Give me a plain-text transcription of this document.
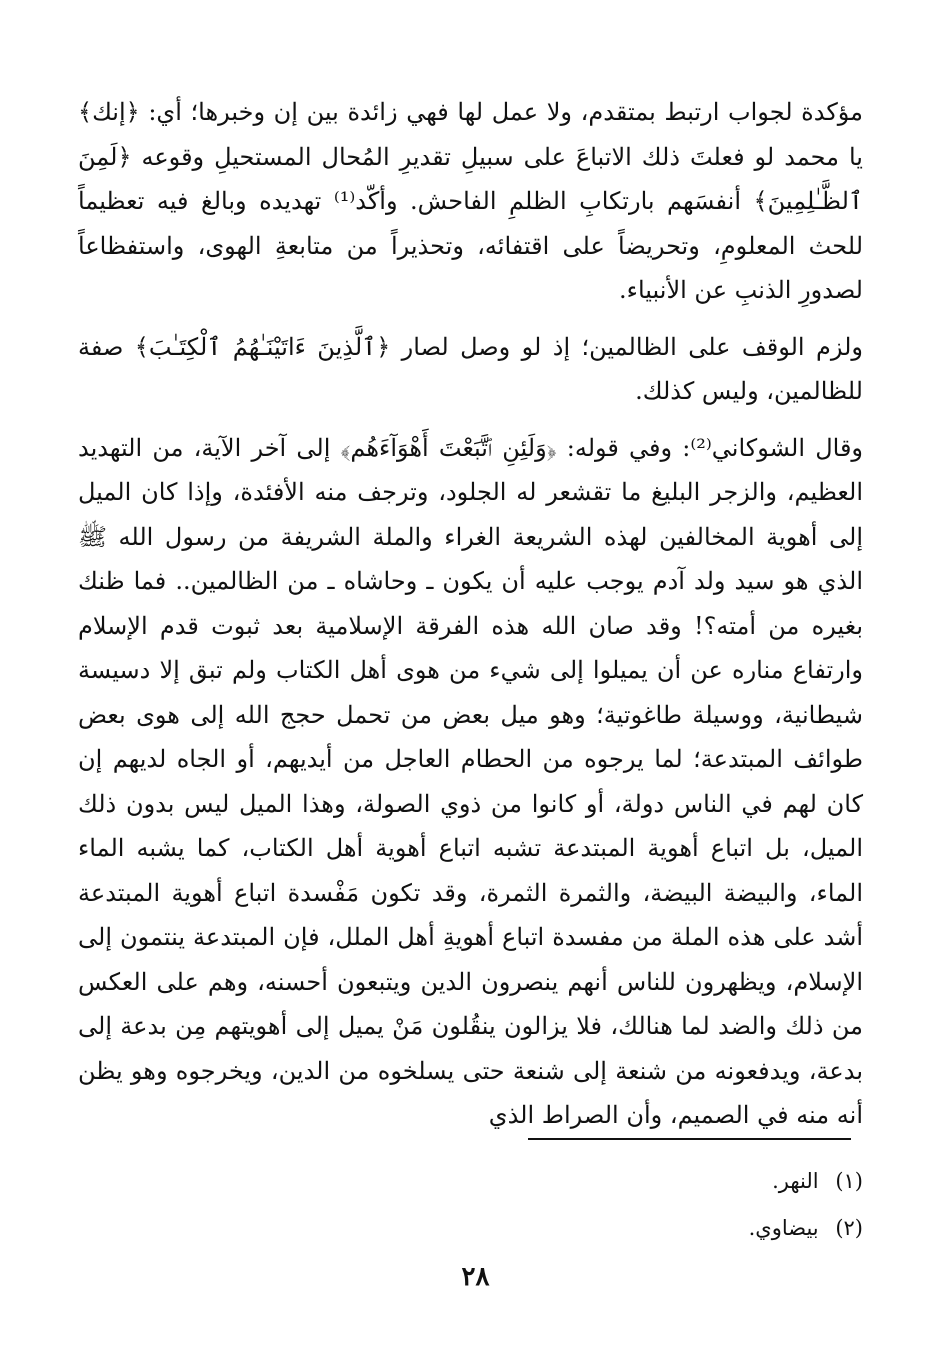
مؤكدة لجواب ارتبط بمتقدم، ولا عمل لها فهي زائدة بين إن وخبرها؛ أي: ﴿إنك﴾ يا محمد لو فعلتَ ذلك الاتباعَ على سبيلِ تقديرِ المُحال المستحيلِ وقوعه ﴿لَمِنَ ٱلظَّـٰلِمِينَ﴾ أنفسَهم بارتكابِ الظلمِ الفاحش. وأكّد⁽¹⁾ تهديده وبالغ فيه تعظيماً للحث المعلومِ، وتحريضاً على اقتفائه، وتحذيراً من متابعةِ الهوى، واستفظاعاً لصدورِ الذنبِ عن الأنبياء.

ولزم الوقف على الظالمين؛ إذ لو وصل لصار ﴿ٱلَّذِينَ ءَاتَيْنَـٰهُمُ ٱلْكِتَـٰبَ﴾ صفة للظالمين، وليس كذلك.

وقال الشوكاني⁽²⁾: وفي قوله: ﴿وَلَئِنِ ٱتَّبَعْتَ أَهْوَآءَهُم﴾ إلى آخر الآية، من التهديد العظيم، والزجر البليغ ما تقشعر له الجلود، وترجف منه الأفئدة، وإذا كان الميل إلى أهوية المخالفين لهذه الشريعة الغراء والملة الشريفة من رسول الله ﷺ الذي هو سيد ولد آدم يوجب عليه أن يكون ـ وحاشاه ـ من الظالمين.. فما ظنك بغيره من أمته؟! وقد صان الله هذه الفرقة الإسلامية بعد ثبوت قدم الإسلام وارتفاع مناره عن أن يميلوا إلى شيء من هوى أهل الكتاب ولم تبق إلا دسيسة شيطانية، ووسيلة طاغوتية؛ وهو ميل بعض من تحمل حجج الله إلى هوى بعض طوائف المبتدعة؛ لما يرجوه من الحطام العاجل من أيديهم، أو الجاه لديهم إن كان لهم في الناس دولة، أو كانوا من ذوي الصولة، وهذا الميل ليس بدون ذلك الميل، بل اتباع أهوية المبتدعة تشبه اتباع أهوية أهل الكتاب، كما يشبه الماء الماء، والبيضة البيضة، والثمرة الثمرة، وقد تكون مَفْسدة اتباع أهوية المبتدعة أشد على هذه الملة من مفسدة اتباع أهويةِ أهل الملل، فإن المبتدعة ينتمون إلى الإسلام، ويظهرون للناس أنهم ينصرون الدين ويتبعون أحسنه، وهم على العكس من ذلك والضد لما هنالك، فلا يزالون ينقُلون مَنْ يميل إلى أهويتهم مِن بدعة إلى بدعة، ويدفعونه من شنعة إلى شنعة حتى يسلخوه من الدين، ويخرجوه وهو يظن أنه منه في الصميم، وأن الصراط الذي

(١) النهر.
(٢) بيضاوي.
٢٨
